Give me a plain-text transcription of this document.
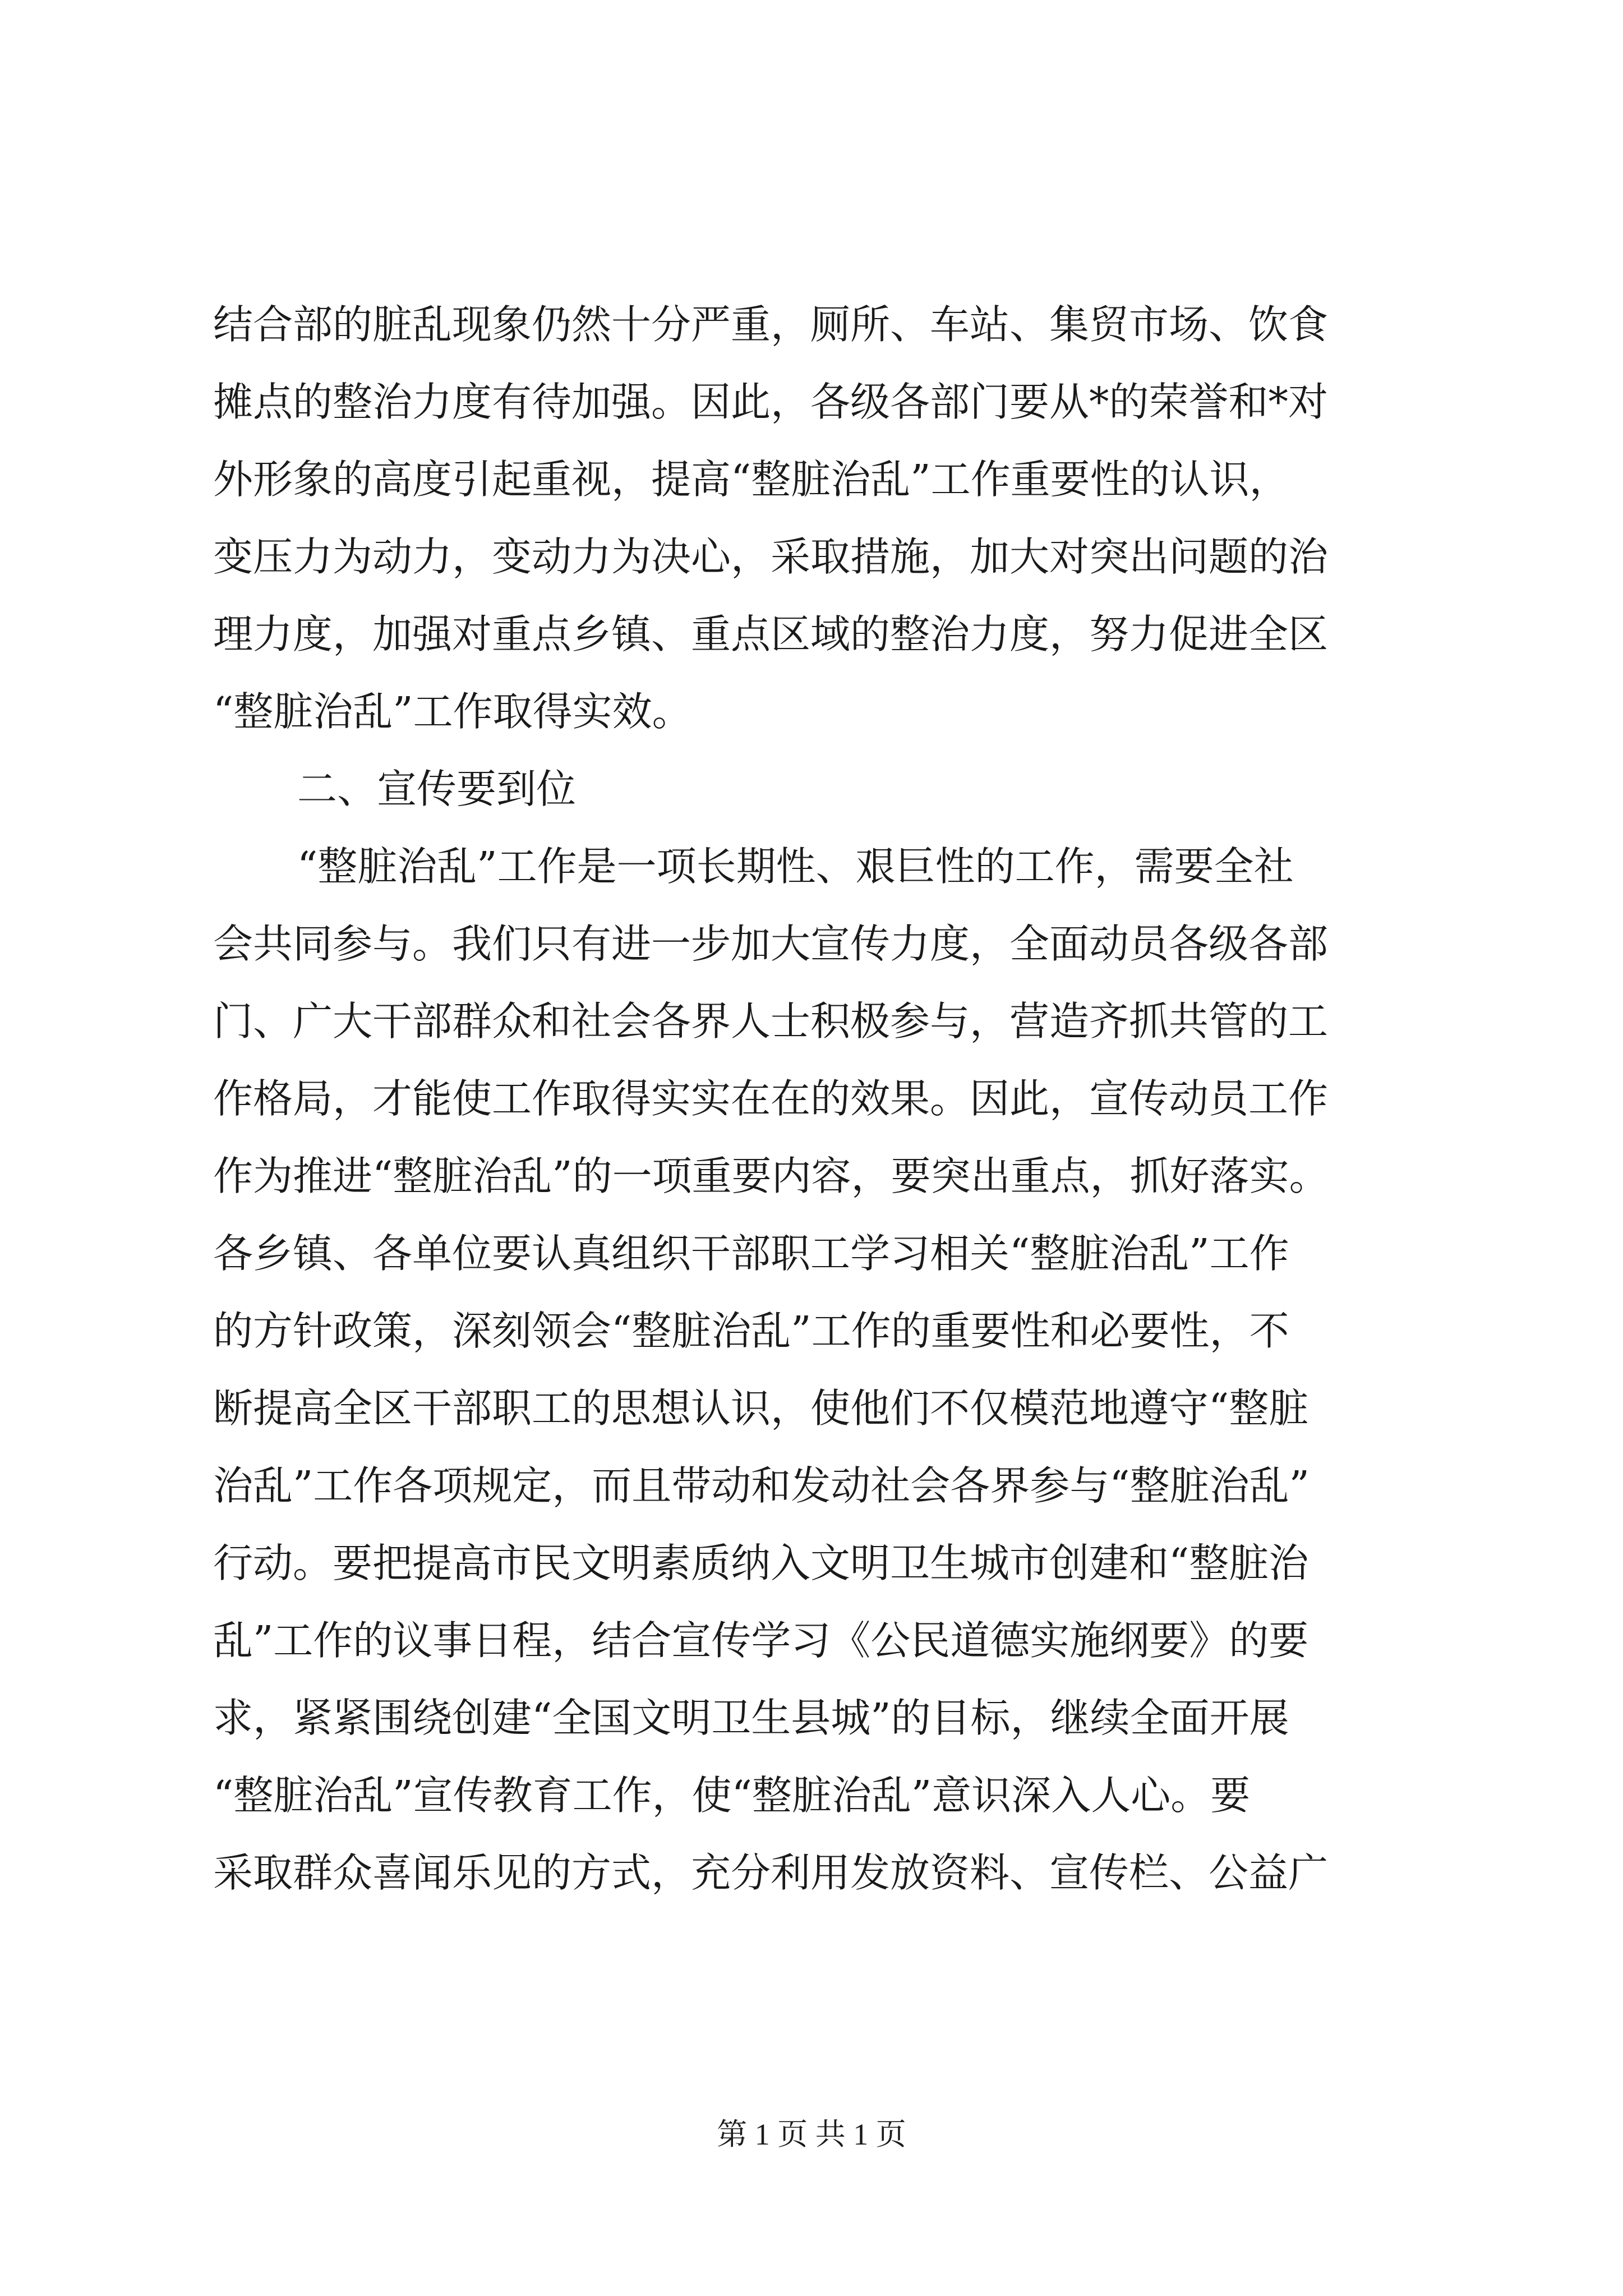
结合部的脏乱现象仍然十分严重，厕所、车站、集贸市场、饮食
摊点的整治力度有待加强。因此，各级各部门要从*的荣誉和*对
外形象的高度引起重视，提高“整脏治乱”工作重要性的认识，
变压力为动力，变动力为决心，采取措施，加大对突出问题的治
理力度，加强对重点乡镇、重点区域的整治力度，努力促进全区
“整脏治乱”工作取得实效。
二、宣传要到位
“整脏治乱”工作是一项长期性、艰巨性的工作，需要全社
会共同参与。我们只有进一步加大宣传力度，全面动员各级各部
门、广大干部群众和社会各界人士积极参与，营造齐抓共管的工
作格局，才能使工作取得实实在在的效果。因此，宣传动员工作
作为推进“整脏治乱”的一项重要内容，要突出重点，抓好落实。
各乡镇、各单位要认真组织干部职工学习相关“整脏治乱”工作
的方针政策，深刻领会“整脏治乱”工作的重要性和必要性，不
断提高全区干部职工的思想认识，使他们不仅模范地遵守“整脏
治乱”工作各项规定，而且带动和发动社会各界参与“整脏治乱”
行动。要把提高市民文明素质纳入文明卫生城市创建和“整脏治
乱”工作的议事日程，结合宣传学习《公民道德实施纲要》的要
求，紧紧围绕创建“全国文明卫生县城”的目标，继续全面开展
“整脏治乱”宣传教育工作，使“整脏治乱”意识深入人心。要
采取群众喜闻乐见的方式，充分利用发放资料、宣传栏、公益广
第 1 页 共 1 页
